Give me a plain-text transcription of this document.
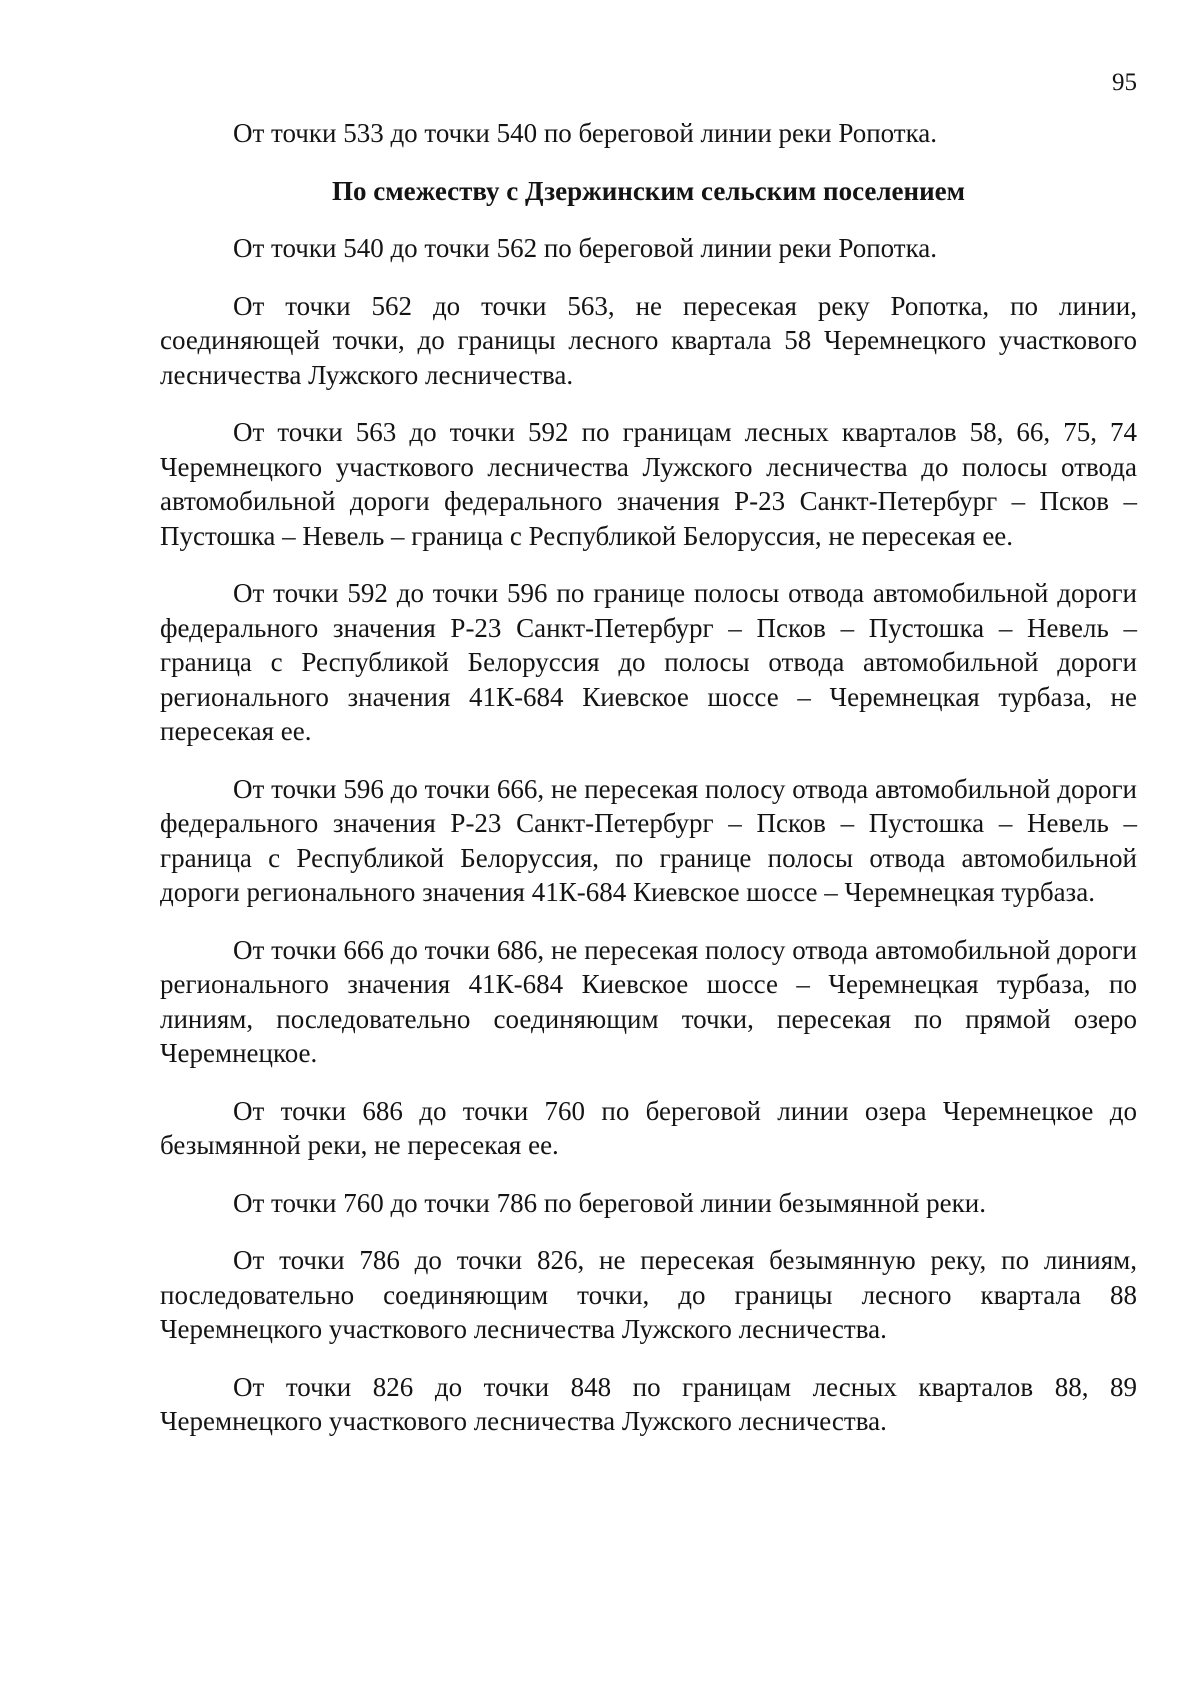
95

От точки 533 до точки 540 по береговой линии реки Ропотка.

По смежеству с Дзержинским сельским поселением

От точки 540 до точки 562 по береговой линии реки Ропотка.

От точки 562 до точки 563, не пересекая реку Ропотка, по линии, соединяющей точки, до границы лесного квартала 58 Черемнецкого участкового лесничества Лужского лесничества.

От точки 563 до точки 592 по границам лесных кварталов 58, 66, 75, 74 Черемнецкого участкового лесничества Лужского лесничества до полосы отвода автомобильной дороги федерального значения Р-23 Санкт-Петербург – Псков – Пустошка – Невель – граница с Республикой Белоруссия, не пересекая ее.

От точки 592 до точки 596 по границе полосы отвода автомобильной дороги федерального значения Р-23 Санкт-Петербург – Псков – Пустошка – Невель – граница с Республикой Белоруссия до полосы отвода автомобильной дороги регионального значения 41К-684 Киевское шоссе – Черемнецкая турбаза, не пересекая ее.

От точки 596 до точки 666, не пересекая полосу отвода автомобильной дороги федерального значения Р-23 Санкт-Петербург – Псков – Пустошка – Невель – граница с Республикой Белоруссия, по границе полосы отвода автомобильной дороги регионального значения 41К-684 Киевское шоссе – Черемнецкая турбаза.

От точки 666 до точки 686, не пересекая полосу отвода автомобильной дороги регионального значения 41К-684 Киевское шоссе – Черемнецкая турбаза, по линиям, последовательно соединяющим точки, пересекая по прямой озеро Черемнецкое.

От точки 686 до точки 760 по береговой линии озера Черемнецкое до безымянной реки, не пересекая ее.

От точки 760 до точки 786 по береговой линии безымянной реки.

От точки 786 до точки 826, не пересекая безымянную реку, по линиям, последовательно соединяющим точки, до границы лесного квартала 88 Черемнецкого участкового лесничества Лужского лесничества.

От точки 826 до точки 848 по границам лесных кварталов 88, 89 Черемнецкого участкового лесничества Лужского лесничества.
